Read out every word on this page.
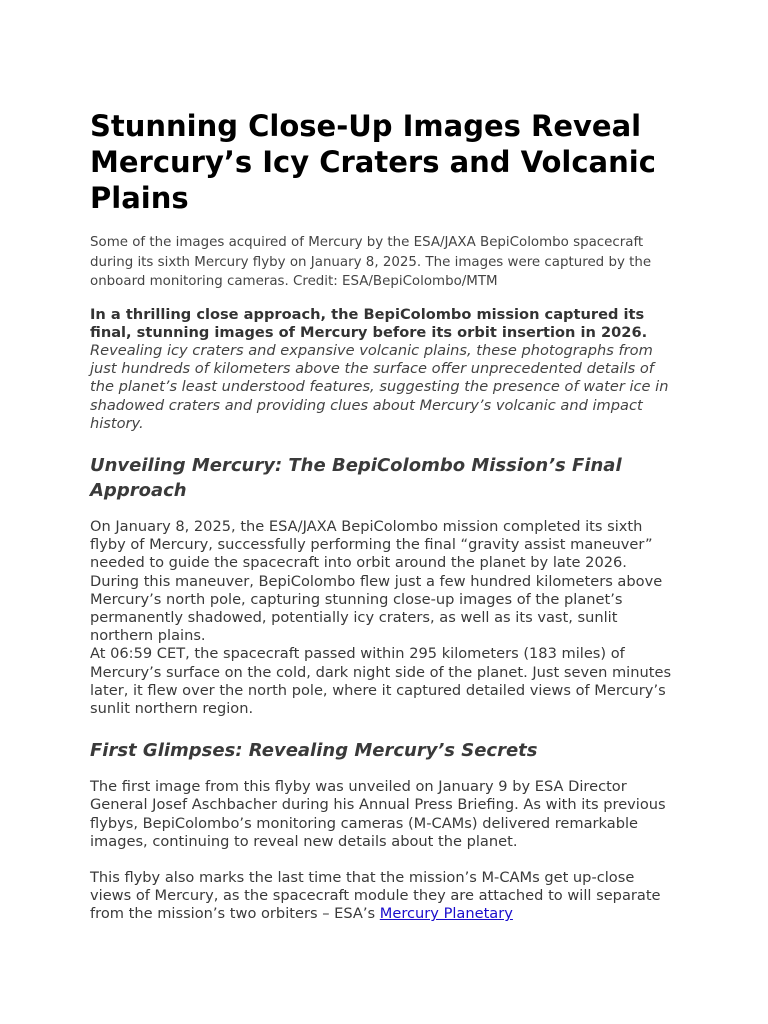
Stunning Close-Up Images Reveal Mercury’s Icy Craters and Volcanic Plains

Some of the images acquired of Mercury by the ESA/JAXA BepiColombo spacecraft during its sixth Mercury flyby on January 8, 2025. The images were captured by the onboard monitoring cameras. Credit: ESA/BepiColombo/MTM

In a thrilling close approach, the BepiColombo mission captured its final, stunning images of Mercury before its orbit insertion in 2026.
Revealing icy craters and expansive volcanic plains, these photographs from just hundreds of kilometers above the surface offer unprecedented details of the planet’s least understood features, suggesting the presence of water ice in shadowed craters and providing clues about Mercury’s volcanic and impact history.

Unveiling Mercury: The BepiColombo Mission’s Final Approach

On January 8, 2025, the ESA/JAXA BepiColombo mission completed its sixth flyby of Mercury, successfully performing the final “gravity assist maneuver” needed to guide the spacecraft into orbit around the planet by late 2026. During this maneuver, BepiColombo flew just a few hundred kilometers above Mercury’s north pole, capturing stunning close-up images of the planet’s permanently shadowed, potentially icy craters, as well as its vast, sunlit northern plains.

At 06:59 CET, the spacecraft passed within 295 kilometers (183 miles) of Mercury’s surface on the cold, dark night side of the planet. Just seven minutes later, it flew over the north pole, where it captured detailed views of Mercury’s sunlit northern region.

First Glimpses: Revealing Mercury’s Secrets

The first image from this flyby was unveiled on January 9 by ESA Director General Josef Aschbacher during his Annual Press Briefing. As with its previous flybys, BepiColombo’s monitoring cameras (M-CAMs) delivered remarkable images, continuing to reveal new details about the planet.

This flyby also marks the last time that the mission’s M-CAMs get up-close views of Mercury, as the spacecraft module they are attached to will separate from the mission’s two orbiters – ESA’s Mercury Planetary
